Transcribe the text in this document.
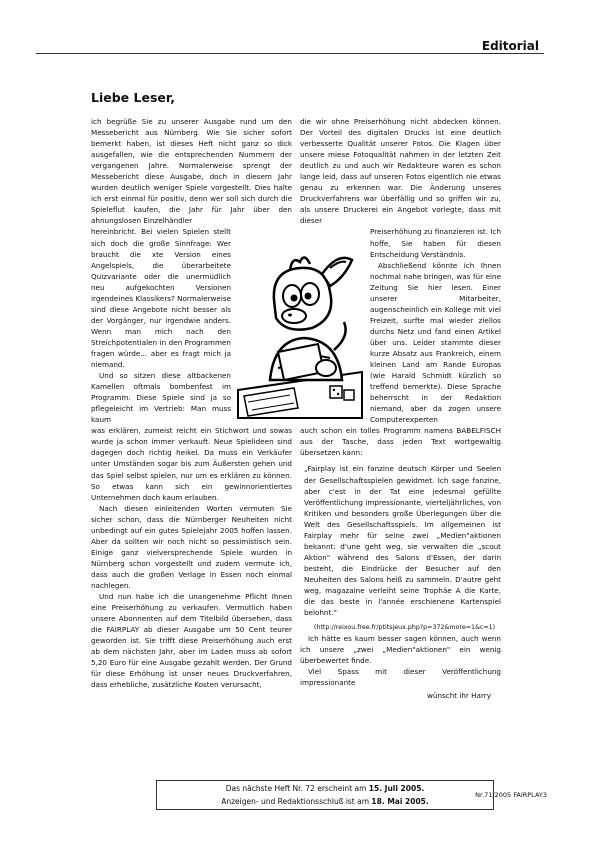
Editorial
Liebe Leser,

ich begrüße Sie zu unserer Ausgabe rund um den Messebericht aus Nürnberg. Wie Sie sicher sofort bemerkt haben, ist dieses Heft nicht ganz so dick ausgefallen, wie die entsprechenden Nummern der vergangenen Jahre. Normalerweise sprengt der Messebericht diese Ausgabe, doch in diesem Jahr wurden deutlich weniger Spiele vorgestellt. Dies halte ich erst einmal für positiv, denn wer soll sich durch die Spieleflut kaufen, die Jahr für Jahr über den ahnungslosen Einzelhändler

hereinbricht. Bei vielen Spielen stellt sich doch die große Sinnfrage: Wer braucht die xte Version eines Angelspiels, die überarbeitete Quizvariante oder die unermüdlich neu aufgekochten Versionen irgendeines Klassikers? Normalerweise sind diese Angebote nicht besser als der Vorgänger, nur irgendwie anders. Wenn man mich nach den Streichpotentialen in den Programmen fragen würde... aber es fragt mich ja niemand.

Und so sitzen diese altbackenen Kamellen oftmals bombenfest im Programm. Diese Spiele sind ja so pflegeleicht im Vertrieb: Man muss kaum

was erklären, zumeist reicht ein Stichwort und sowas wurde ja schon immer verkauft. Neue Spielideen sind dagegen doch richtig heikel. Da muss ein Verkäufer unter Umständen sogar bis zum Äußersten gehen und das Spiel selbst spielen, nur um es erklären zu können. So etwas kann sich ein gewinnorientiertes Unternehmen doch kaum erlauben.

Nach diesen einleitenden Worten vermuten Sie sicher schon, dass die Nürnberger Neuheiten nicht unbedingt auf ein gutes Spielejahr 2005 hoffen lassen. Aber da sollten wir noch nicht so pessimistisch sein. Einige ganz vielversprechende Spiele wurden in Nürnberg schon vorgestellt und zudem vermute ich, dass auch die großen Verlage in Essen noch einmal nachlegen.

Und nun habe ich die unangenehme Pflicht Ihnen eine Preiserhöhung zu verkaufen. Vermutlich haben unsere Abonnenten auf dem Titelbild übersehen, dass die FAIRPLAY ab dieser Ausgabe um 50 Cent teurer geworden ist. Sie trifft diese Preiserhöhung auch erst ab dem nächsten Jahr, aber im Laden muss ab sofort 5,20 Euro für eine Ausgabe gezahlt werden. Der Grund für diese Erhöhung ist unser neues Druckverfahren, dass erhebliche, zusätzliche Kosten verursacht,

die wir ohne Preiserhöhung nicht abdecken können. Der Vorteil des digitalen Drucks ist eine deutlich verbesserte Qualität unserer Fotos. Die Klagen über unsere miese Fotoqualität nahmen in der letzten Zeit deutlich zu und auch wir Redakteure waren es schon lange leid, dass auf unseren Fotos eigentlich nie etwas genau zu erkennen war. Die Änderung unseres Druckverfahrens war überfällig und so griffen wir zu, als unsere Druckerei ein Angebot vorlegte, dass mit dieser

Preiserhöhung zu finanzieren ist. Ich hoffe, Sie haben für diesen Entscheidung Verständnis.

Abschließend könnte ich Ihnen nochmal nahe bringen, was für eine Zeitung Sie hier lesen. Einer unserer Mitarbeiter, augenscheinlich ein Kollege mit viel Freizeit, surfte mal wieder ziellos durchs Netz und fand einen Artikel über uns. Leider stammte dieser kurze Absatz aus Frankreich, einem kleinen Land am Rande Europas (wie Harald Schmidt kürzlich so treffend bemerkte). Diese Sprache beherrscht in der Redaktion niemand, aber da zogen unsere Computerexperten

auch schon ein tolles Programm namens BABELFISCH aus der Tasche, dass jeden Text wortgewaltig übersetzen kann:

„Fairplay ist ein fanzine deutsch Körper und Seelen der Gesellschaftsspielen gewidmet. Ich sage fanzine, aber c'est in der Tat eine jedesmal gefüllte Veröffentlichung impressionante, vierteljährliches, von Kritiken und besonders große Überlegungen über die Welt des Gesellschaftsspiels. Im allgemeinen ist Fairplay mehr für seine zwei „Medien"aktionen bekannt: d'une geht weg, sie verwalten die „scout Aktion" während des Salons d'Essen, der darin besteht, die Eindrücke der Besucher auf den Neuheiten des Salons heiß zu sammeln. D'autre geht weg, magazaine verleiht seine Trophäe A die Karte, die das beste in l'année erschienene Kartenspiel belohnt."

(http://reixou.free.fr/ptitsjeux.php?p=372&more=1&c=1)

Ich hätte es kaum besser sagen können, auch wenn ich unsere „zwei „Medien"aktionen" ein wenig überbewertet finde.

Viel Spass mit dieser Veröffentlichung impressionante

wünscht ihr Harry

Das nächste Heft Nr. 72 erscheint am 15. Juli 2005.
Anzeigen- und Redaktionsschluß ist am 18. Mai 2005.
Nr.71/2005 FAIRPLAY3
